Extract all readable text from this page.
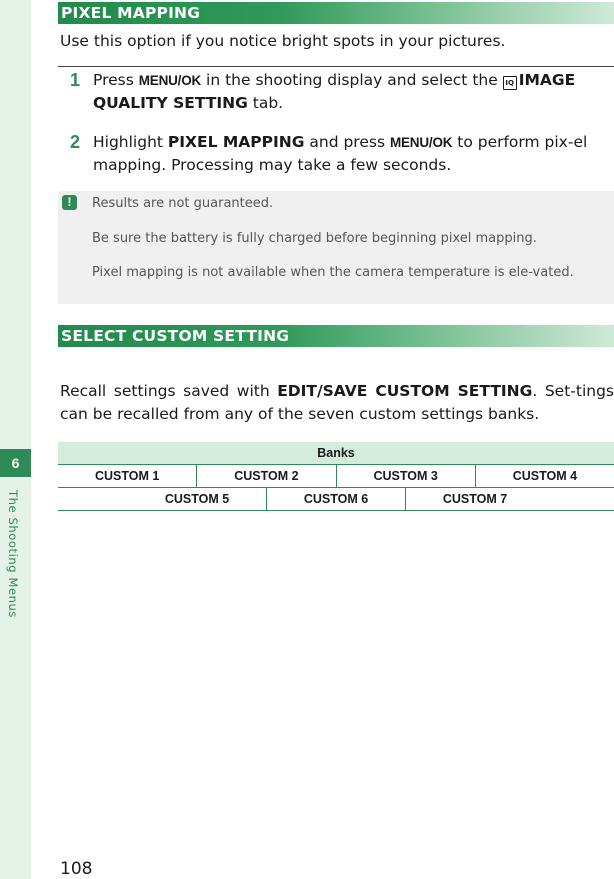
6
The Shooting Menus
PIXEL MAPPING
Use this option if you notice bright spots in your pictures.
1 Press MENU/OK in the shooting display and select the IQ IMAGE QUALITY SETTING tab.
2 Highlight PIXEL MAPPING and press MENU/OK to perform pix-el mapping. Processing may take a few seconds.
!	Results are not guaranteed.
Be sure the battery is fully charged before beginning pixel mapping.
Pixel mapping is not available when the camera temperature is ele-vated.
SELECT CUSTOM SETTING
Recall settings saved with EDIT/SAVE CUSTOM SETTING. Set-tings can be recalled from any of the seven custom settings banks.
Banks
CUSTOM 1	CUSTOM 2	CUSTOM 3	CUSTOM 4
CUSTOM 5	CUSTOM 6	CUSTOM 7
108
